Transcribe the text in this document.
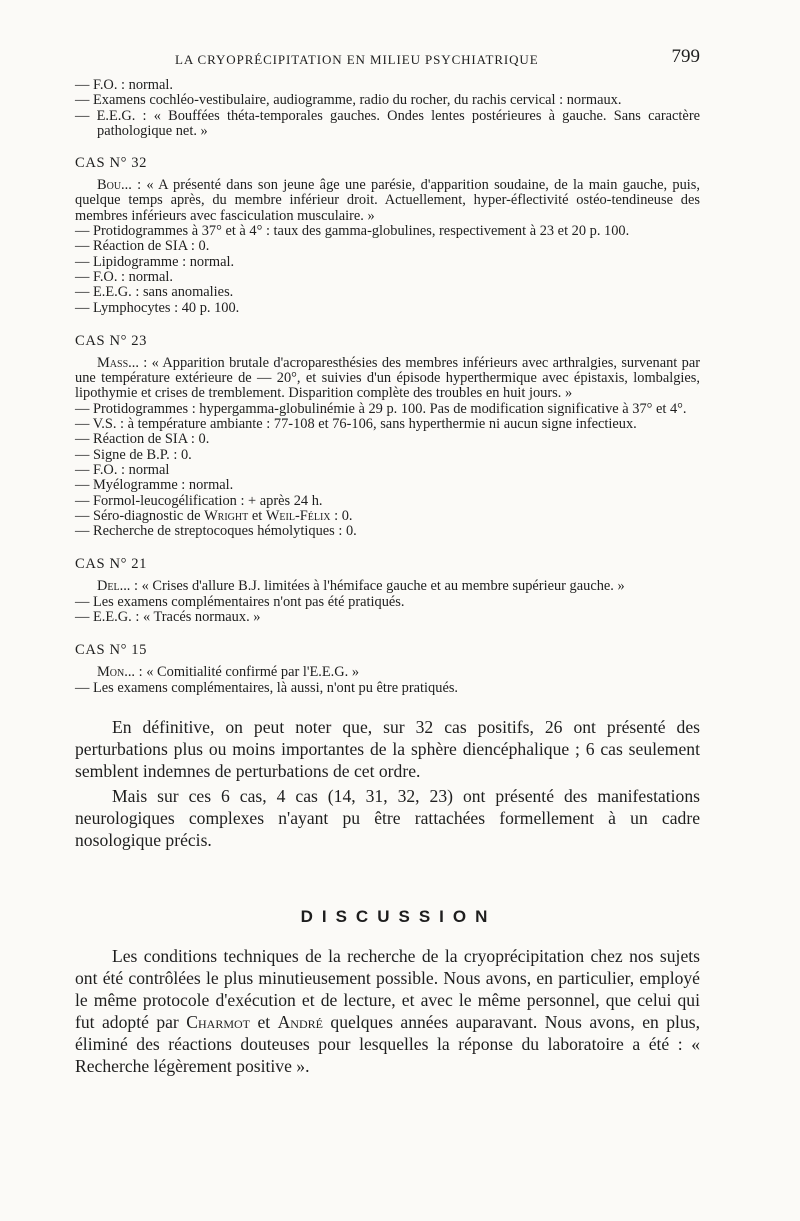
LA CRYOPRÉCIPITATION EN MILIEU PSYCHIATRIQUE	799

— F.O. : normal.

— Examens cochléo-vestibulaire, audiogramme, radio du rocher, du rachis cervical : normaux.

— E.E.G. : « Bouffées théta-temporales gauches. Ondes lentes postérieures à gauche. Sans caractère pathologique net. »

CAS N° 32

Bou... : « A présenté dans son jeune âge une parésie, d'apparition soudaine, de la main gauche, puis, quelque temps après, du membre inférieur droit. Actuellement, hyper-éflectivité ostéo-tendineuse des membres inférieurs avec fasciculation musculaire. »

— Protidogrammes à 37° et à 4° : taux des gamma-globulines, respectivement à 23 et 20 p. 100.

— Réaction de SIA : 0.

— Lipidogramme : normal.

— F.O. : normal.

— E.E.G. : sans anomalies.

— Lymphocytes : 40 p. 100.

CAS N° 23

Mass... : « Apparition brutale d'acroparesthésies des membres inférieurs avec arthralgies, survenant par une température extérieure de — 20°, et suivies d'un épisode hyperthermique avec épistaxis, lombalgies, lipothymie et crises de tremblement. Disparition complète des troubles en huit jours. »

— Protidogrammes : hypergamma-globulinémie à 29 p. 100. Pas de modification significative à 37° et 4°.

— V.S. : à température ambiante : 77-108 et 76-106, sans hyperthermie ni aucun signe infectieux.

— Réaction de SIA : 0.

— Signe de B.P. : 0.

— F.O. : normal

— Myélogramme : normal.

— Formol-leucogélification : + après 24 h.

— Séro-diagnostic de Wright et Weil-Félix : 0.

— Recherche de streptocoques hémolytiques : 0.

CAS N° 21

Del... : « Crises d'allure B.J. limitées à l'hémiface gauche et au membre supérieur gauche. »

— Les examens complémentaires n'ont pas été pratiqués.

— E.E.G. : « Tracés normaux. »

CAS N° 15

Mon... : « Comitialité confirmé par l'E.E.G. »

— Les examens complémentaires, là aussi, n'ont pu être pratiqués.

En définitive, on peut noter que, sur 32 cas positifs, 26 ont présenté des perturbations plus ou moins importantes de la sphère diencéphalique ; 6 cas seulement semblent indemnes de perturbations de cet ordre.

Mais sur ces 6 cas, 4 cas (14, 31, 32, 23) ont présenté des manifestations neurologiques complexes n'ayant pu être rattachées formellement à un cadre nosologique précis.

DISCUSSION

Les conditions techniques de la recherche de la cryoprécipitation chez nos sujets ont été contrôlées le plus minutieusement possible. Nous avons, en particulier, employé le même protocole d'exécution et de lecture, et avec le même personnel, que celui qui fut adopté par Charmot et André quelques années auparavant. Nous avons, en plus, éliminé des réactions douteuses pour lesquelles la réponse du laboratoire a été : « Recherche légèrement positive ».
